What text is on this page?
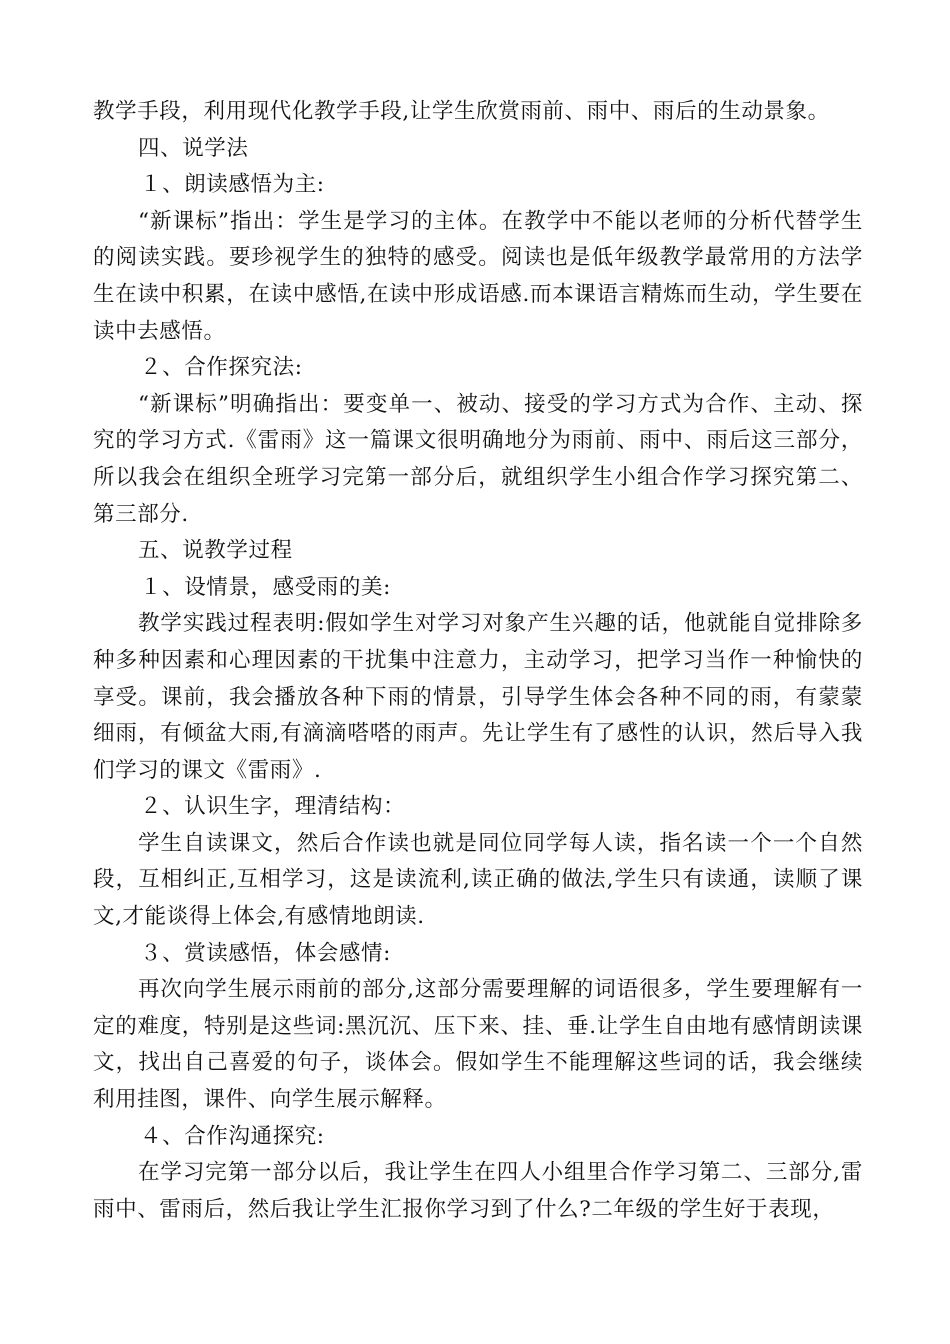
教学手段，利用现代化教学手段,让学生欣赏雨前、雨中、雨后的生动景象。

四、说学法

１、朗读感悟为主:

“新课标”指出：学生是学习的主体。在教学中不能以老师的分析代替学生的阅读实践。要珍视学生的独特的感受。阅读也是低年级教学最常用的方法学生在读中积累，在读中感悟,在读中形成语感.而本课语言精炼而生动，学生要在读中去感悟。

２、合作探究法:

“新课标”明确指出：要变单一、被动、接受的学习方式为合作、主动、探究的学习方式.《雷雨》这一篇课文很明确地分为雨前、雨中、雨后这三部分，所以我会在组织全班学习完第一部分后，就组织学生小组合作学习探究第二、第三部分.

五、说教学过程

１、设情景，感受雨的美:

教学实践过程表明:假如学生对学习对象产生兴趣的话，他就能自觉排除多种多种因素和心理因素的干扰集中注意力，主动学习，把学习当作一种愉快的享受。课前，我会播放各种下雨的情景，引导学生体会各种不同的雨，有蒙蒙细雨，有倾盆大雨,有滴滴嗒嗒的雨声。先让学生有了感性的认识，然后导入我们学习的课文《雷雨》.

２、认识生字，理清结构：

学生自读课文，然后合作读也就是同位同学每人读，指名读一个一个自然段，互相纠正,互相学习，这是读流利,读正确的做法,学生只有读通，读顺了课文,才能谈得上体会,有感情地朗读.

３、赏读感悟，体会感情:

再次向学生展示雨前的部分,这部分需要理解的词语很多，学生要理解有一定的难度，特别是这些词:黑沉沉、压下来、挂、垂.让学生自由地有感情朗读课文，找出自己喜爱的句子，谈体会。假如学生不能理解这些词的话，我会继续利用挂图，课件、向学生展示解释。

４、合作沟通探究:

在学习完第一部分以后，我让学生在四人小组里合作学习第二、三部分,雷雨中、雷雨后，然后我让学生汇报你学习到了什么?二年级的学生好于表现，
